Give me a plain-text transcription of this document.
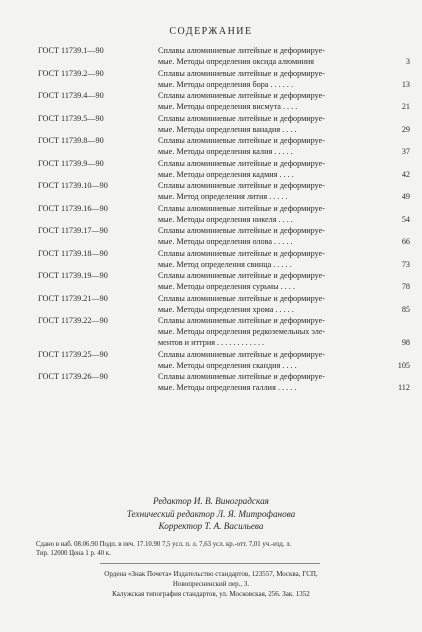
СОДЕРЖАНИЕ
ГОСТ 11739.1—90	Сплавы алюминиевые литейные и деформируе-
мые. Методы определения оксида алюминия	3
ГОСТ 11739.2—90	Сплавы алюминиевые литейные и деформируе-
мые. Методы определения бора . . . . . .	13
ГОСТ 11739.4—90	Сплавы алюминиевые литейные и деформируе-
мые. Методы определения висмута . . . .	21
ГОСТ 11739.5—90	Сплавы алюминиевые литейные и деформируе-
мые. Методы определения ванадия . . . .	29
ГОСТ 11739.8—90	Сплавы алюминиевые литейные и деформируе-
мые. Методы определения калия . . . . .	37
ГОСТ 11739.9—90	Сплавы алюминиевые литейные и деформируе-
мые. Методы определения кадмия . . . .	42
ГОСТ 11739.10—90	Сплавы алюминиевые литейные и деформируе-
мые. Метод определения лития . . . . .	49
ГОСТ 11739.16—90	Сплавы алюминиевые литейные и деформируе-
мые. Методы определения никеля . . . .	54
ГОСТ 11739.17—90	Сплавы алюминиевые литейные и деформируе-
мые. Методы определения олова . . . . .	66
ГОСТ 11739.18—90	Сплавы алюминиевые литейные и деформируе-
мые. Метод определения свинца . . . . .	73
ГОСТ 11739.19—90	Сплавы алюминиевые литейные и деформируе-
мые. Методы определения сурьмы . . . .	78
ГОСТ 11739.21—90	Сплавы алюминиевые литейные и деформируе-
мые. Методы определения хрома . . . . .	85
ГОСТ 11739.22—90	Сплавы алюминиевые литейные и деформируе-
мые. Методы определения редкоземельных эле-
ментов и иттрия . . . . . . . . . . . .	98
ГОСТ 11739.25—90	Сплавы алюминиевые литейные и деформируе-
мые. Методы определения скандия . . . .	105
ГОСТ 11739.26—90	Сплавы алюминиевые литейные и деформируе-
мые. Методы определения галлия . . . . .	112
Редактор И. В. Виноградская
Технический редактор Л. Я. Митрофанова
Корректор Т. А. Васильева
Сдано в наб. 08.06.90 Подп. в печ. 17.10.90 7,5 усл. п. л. 7,63 усл. кр.-отт. 7,01 уч.-изд. л.
Тир. 12000 Цена 1 р. 40 к.
Ордена «Знак Почета» Издательство стандартов, 123557, Москва, ГСП,
Новопресненский пер., 3.
Калужская типография стандартов, ул. Московская, 256. Зак. 1352
